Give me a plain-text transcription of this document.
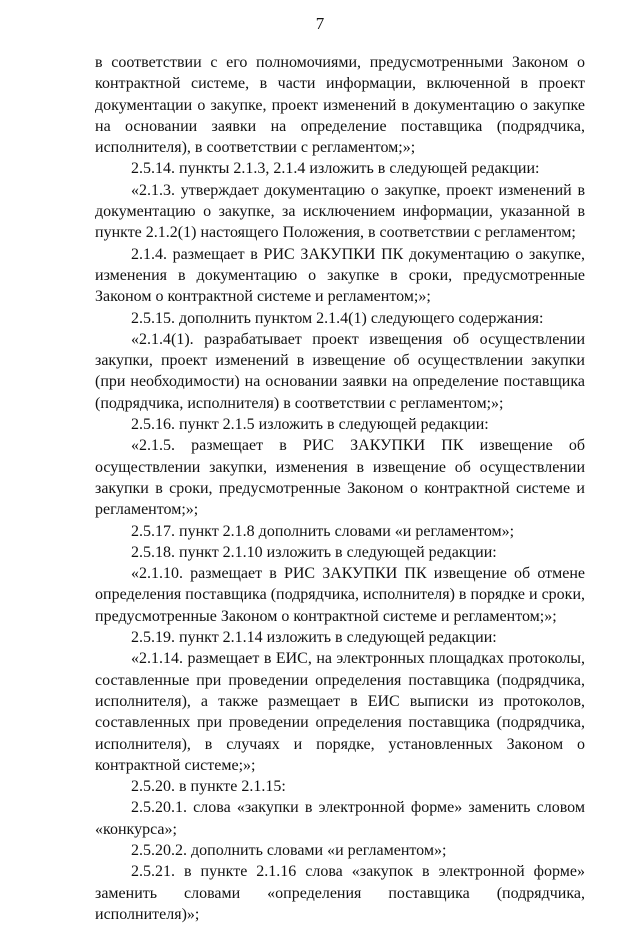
7

в соответствии с его полномочиями, предусмотренными Законом о контрактной системе, в части информации, включенной в проект документации о закупке, проект изменений в документацию о закупке на основании заявки на определение поставщика (подрядчика, исполнителя), в соответствии с регламентом;»;

2.5.14. пункты 2.1.3, 2.1.4 изложить в следующей редакции:

«2.1.3. утверждает документацию о закупке, проект изменений в документацию о закупке, за исключением информации, указанной в пункте 2.1.2(1) настоящего Положения, в соответствии с регламентом;

2.1.4. размещает в РИС ЗАКУПКИ ПК документацию о закупке, изменения в документацию о закупке в сроки, предусмотренные Законом о контрактной системе и регламентом;»;

2.5.15. дополнить пунктом 2.1.4(1) следующего содержания:

«2.1.4(1). разрабатывает проект извещения об осуществлении закупки, проект изменений в извещение об осуществлении закупки (при необходимости) на основании заявки на определение поставщика (подрядчика, исполнителя) в соответствии с регламентом;»;

2.5.16. пункт 2.1.5 изложить в следующей редакции:

«2.1.5. размещает в РИС ЗАКУПКИ ПК извещение об осуществлении закупки, изменения в извещение об осуществлении закупки в сроки, предусмотренные Законом о контрактной системе и регламентом;»;

2.5.17. пункт 2.1.8 дополнить словами «и регламентом»;

2.5.18. пункт 2.1.10 изложить в следующей редакции:

«2.1.10. размещает в РИС ЗАКУПКИ ПК извещение об отмене определения поставщика (подрядчика, исполнителя) в порядке и сроки, предусмотренные Законом о контрактной системе и регламентом;»;

2.5.19. пункт 2.1.14 изложить в следующей редакции:

«2.1.14. размещает в ЕИС, на электронных площадках протоколы, составленные при проведении определения поставщика (подрядчика, исполнителя), а также размещает в ЕИС выписки из протоколов, составленных при проведении определения поставщика (подрядчика, исполнителя), в случаях и порядке, установленных Законом о контрактной системе;»;

2.5.20. в пункте 2.1.15:

2.5.20.1. слова «закупки в электронной форме» заменить словом «конкурса»;

2.5.20.2. дополнить словами «и регламентом»;

2.5.21. в пункте 2.1.16 слова «закупок в электронной форме» заменить словами «определения поставщика (подрядчика, исполнителя)»;
